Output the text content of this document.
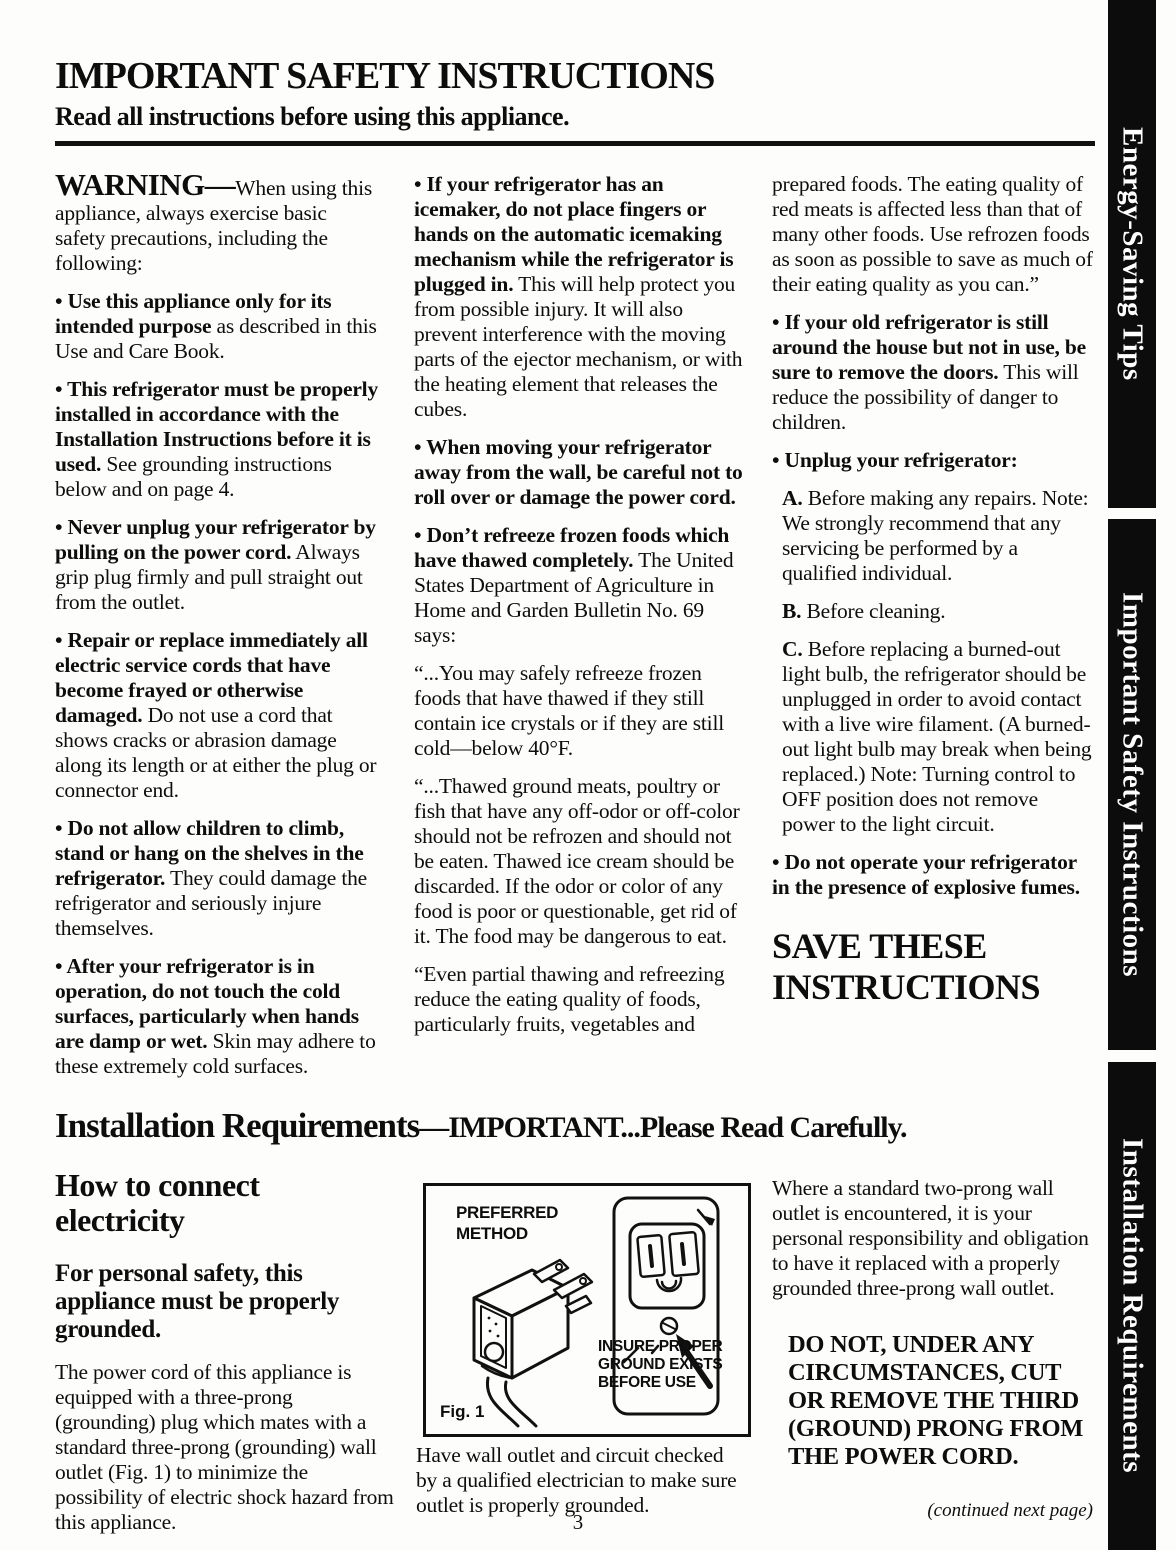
IMPORTANT SAFETY INSTRUCTIONS
Read all instructions before using this appliance.

WARNING—When using this appliance, always exercise basic safety precautions, including the following:

• Use this appliance only for its intended purpose as described in this Use and Care Book.

• This refrigerator must be properly installed in accordance with the Installation Instructions before it is used. See grounding instructions below and on page 4.

• Never unplug your refrigerator by pulling on the power cord. Always grip plug firmly and pull straight out from the outlet.

• Repair or replace immediately all electric service cords that have become frayed or otherwise damaged. Do not use a cord that shows cracks or abrasion damage along its length or at either the plug or connector end.

• Do not allow children to climb, stand or hang on the shelves in the refrigerator. They could damage the refrigerator and seriously injure themselves.

• After your refrigerator is in operation, do not touch the cold surfaces, particularly when hands are damp or wet. Skin may adhere to these extremely cold surfaces.

• If your refrigerator has an icemaker, do not place fingers or hands on the automatic icemaking mechanism while the refrigerator is plugged in. This will help protect you from possible injury. It will also prevent interference with the moving parts of the ejector mechanism, or with the heating element that releases the cubes.

• When moving your refrigerator away from the wall, be careful not to roll over or damage the power cord.

• Don’t refreeze frozen foods which have thawed completely. The United States Department of Agriculture in Home and Garden Bulletin No. 69 says:

“...You may safely refreeze frozen foods that have thawed if they still contain ice crystals or if they are still cold—below 40°F.

“...Thawed ground meats, poultry or fish that have any off-odor or off-color should not be refrozen and should not be eaten. Thawed ice cream should be discarded. If the odor or color of any food is poor or questionable, get rid of it. The food may be dangerous to eat.

“Even partial thawing and refreezing reduce the eating quality of foods, particularly fruits, vegetables and

prepared foods. The eating quality of red meats is affected less than that of many other foods. Use refrozen foods as soon as possible to save as much of their eating quality as you can.”

• If your old refrigerator is still around the house but not in use, be sure to remove the doors. This will reduce the possibility of danger to children.

• Unplug your refrigerator:

A. Before making any repairs. Note: We strongly recommend that any servicing be performed by a qualified individual.

B. Before cleaning.

C. Before replacing a burned-out light bulb, the refrigerator should be unplugged in order to avoid contact with a live wire filament. (A burned-out light bulb may break when being replaced.) Note: Turning control to OFF position does not remove power to the light circuit.

• Do not operate your refrigerator in the presence of explosive fumes.

SAVE THESE INSTRUCTIONS
Installation Requirements—IMPORTANT...Please Read Carefully.
How to connect electricity
For personal safety, this appliance must be properly grounded.

The power cord of this appliance is equipped with a three-prong (grounding) plug which mates with a standard three-prong (grounding) wall outlet (Fig. 1) to minimize the possibility of electric shock hazard from this appliance.

PREFERRED METHOD
INSURE PROPER GROUND EXISTS BEFORE USE
Fig. 1
Have wall outlet and circuit checked by a qualified electrician to make sure outlet is properly grounded.

Where a standard two-prong wall outlet is encountered, it is your personal responsibility and obligation to have it replaced with a properly grounded three-prong wall outlet.

DO NOT, UNDER ANY CIRCUMSTANCES, CUT OR REMOVE THE THIRD (GROUND) PRONG FROM THE POWER CORD.

(continued next page)
3
Energy-Saving Tips
Important Safety Instructions
Installation Requirements
